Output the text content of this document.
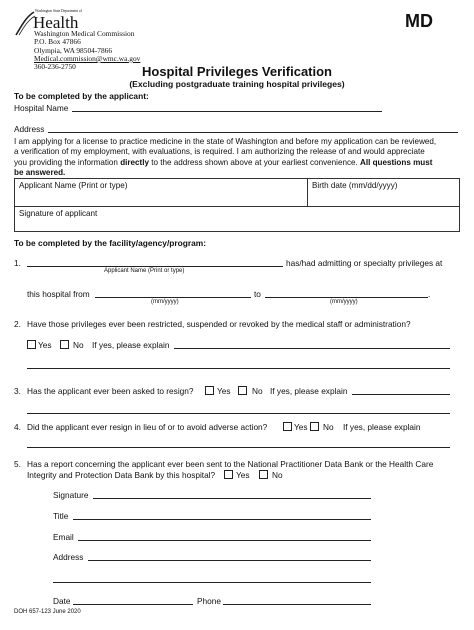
Washington State Department of
Health
Washington Medical Commission
P.O. Box 47866
Olympia, WA 98504-7866
Medical.commission@wmc.wa.gov
360-236-2750
MD
Hospital Privileges Verification
(Excluding postgraduate training hospital privileges)
To be completed by the applicant:
Hospital Name
Address
I am applying for a license to practice medicine in the state of Washington and before my application can be reviewed,
a verification of my employment, with evaluations, is required. I am authorizing the release of and would appreciate
you providing the information directly to the address shown above at your earliest convenience. All questions must
be answered.
Applicant Name (Print or type)	Birth date (mm/dd/yyyy)
Signature of applicant
To be completed by the facility/agency/program:
1.	has/had admitting or specialty privileges at
Applicant Name (Print or type)
this hospital from	to	.
(mm/yyyy)	(mm/yyyy)
2. Have those privileges ever been restricted, suspended or revoked by the medical staff or administration?
Yes	No If yes, please explain
3. Has the applicant ever been asked to resign?	Yes	No If yes, please explain
4. Did the applicant ever resign in lieu of or to avoid adverse action?	Yes No If yes, please explain
5. Has a report concerning the applicant ever been sent to the National Practitioner Data Bank or the Health Care
Integrity and Protection Data Bank by this hospital?	Yes	No
Signature
Title
Email
Address
Date	Phone
DOH 657-123 June 2020
